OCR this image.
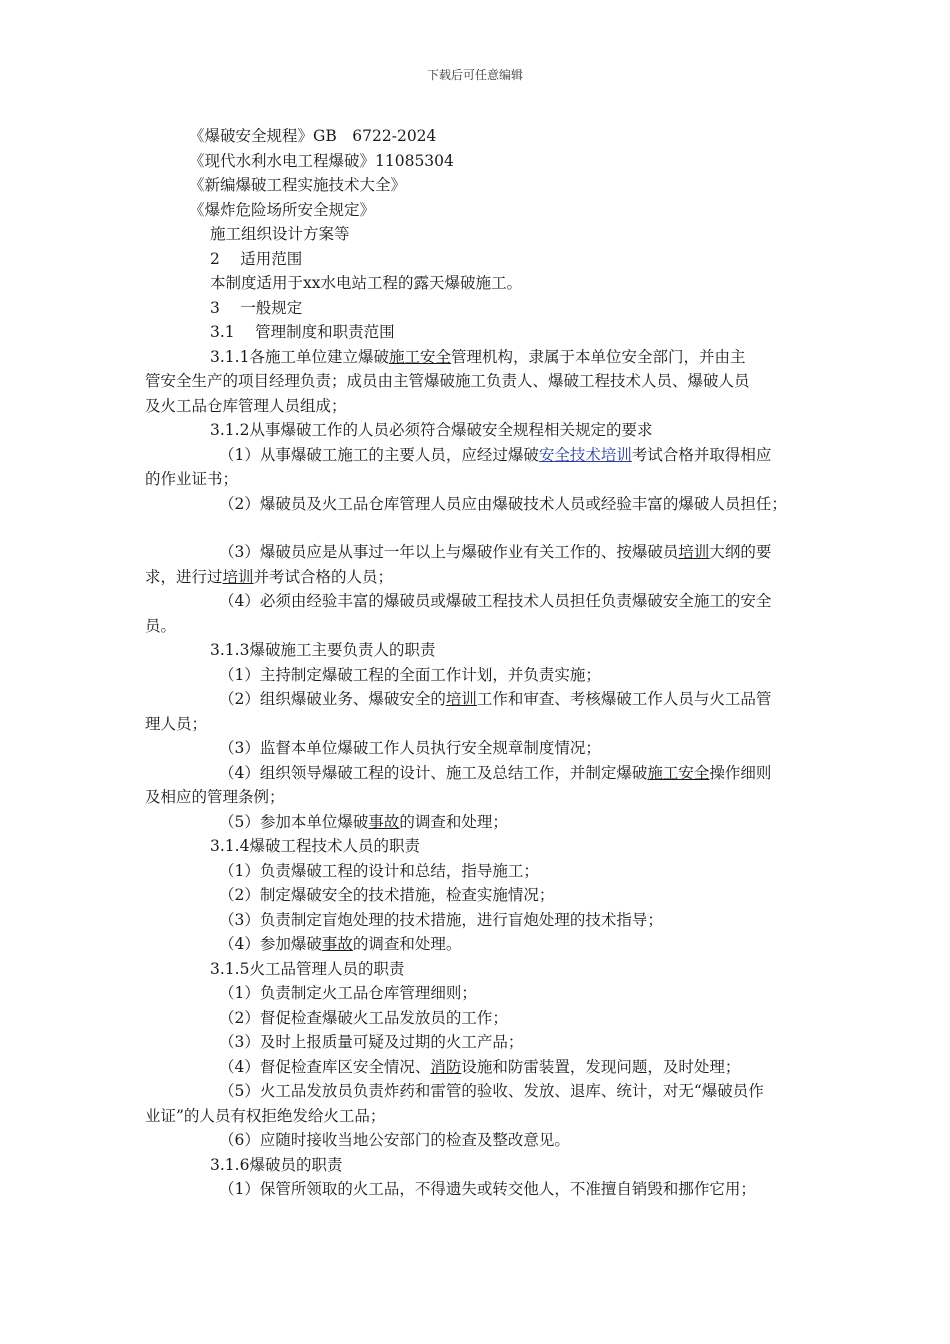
下载后可任意编辑
《爆破安全规程》GB　6722-2024
《现代水利水电工程爆破》11085304
《新编爆破工程实施技术大全》
《爆炸危险场所安全规定》
施工组织设计方案等
2　 适用范围
本制度适用于xx水电站工程的露天爆破施工。
3　 一般规定
3.1　 管理制度和职责范围
3.1.1各施工单位建立爆破施工安全管理机构，隶属于本单位安全部门，并由主
管安全生产的项目经理负责；成员由主管爆破施工负责人、爆破工程技术人员、爆破人员
及火工品仓库管理人员组成；
3.1.2从事爆破工作的人员必须符合爆破安全规程相关规定的要求
（1）从事爆破工施工的主要人员，应经过爆破安全技术培训考试合格并取得相应
的作业证书；
（2）爆破员及火工品仓库管理人员应由爆破技术人员或经验丰富的爆破人员担任；
（3）爆破员应是从事过一年以上与爆破作业有关工作的、按爆破员培训大纲的要
求，进行过培训并考试合格的人员；
（4）必须由经验丰富的爆破员或爆破工程技术人员担任负责爆破安全施工的安全
员。
3.1.3爆破施工主要负责人的职责
（1）主持制定爆破工程的全面工作计划，并负责实施；
（2）组织爆破业务、爆破安全的培训工作和审查、考核爆破工作人员与火工品管
理人员；
（3）监督本单位爆破工作人员执行安全规章制度情况；
（4）组织领导爆破工程的设计、施工及总结工作，并制定爆破施工安全操作细则
及相应的管理条例；
（5）参加本单位爆破事故的调查和处理；
3.1.4爆破工程技术人员的职责
（1）负责爆破工程的设计和总结，指导施工；
（2）制定爆破安全的技术措施，检查实施情况；
（3）负责制定盲炮处理的技术措施，进行盲炮处理的技术指导；
（4）参加爆破事故的调查和处理。
3.1.5火工品管理人员的职责
（1）负责制定火工品仓库管理细则；
（2）督促检查爆破火工品发放员的工作；
（3）及时上报质量可疑及过期的火工产品；
（4）督促检查库区安全情况、消防设施和防雷装置，发现问题，及时处理；
（5）火工品发放员负责炸药和雷管的验收、发放、退库、统计，对无“爆破员作
业证”的人员有权拒绝发给火工品；
（6）应随时接收当地公安部门的检查及整改意见。
3.1.6爆破员的职责
（1）保管所领取的火工品，不得遗失或转交他人，不准擅自销毁和挪作它用；
